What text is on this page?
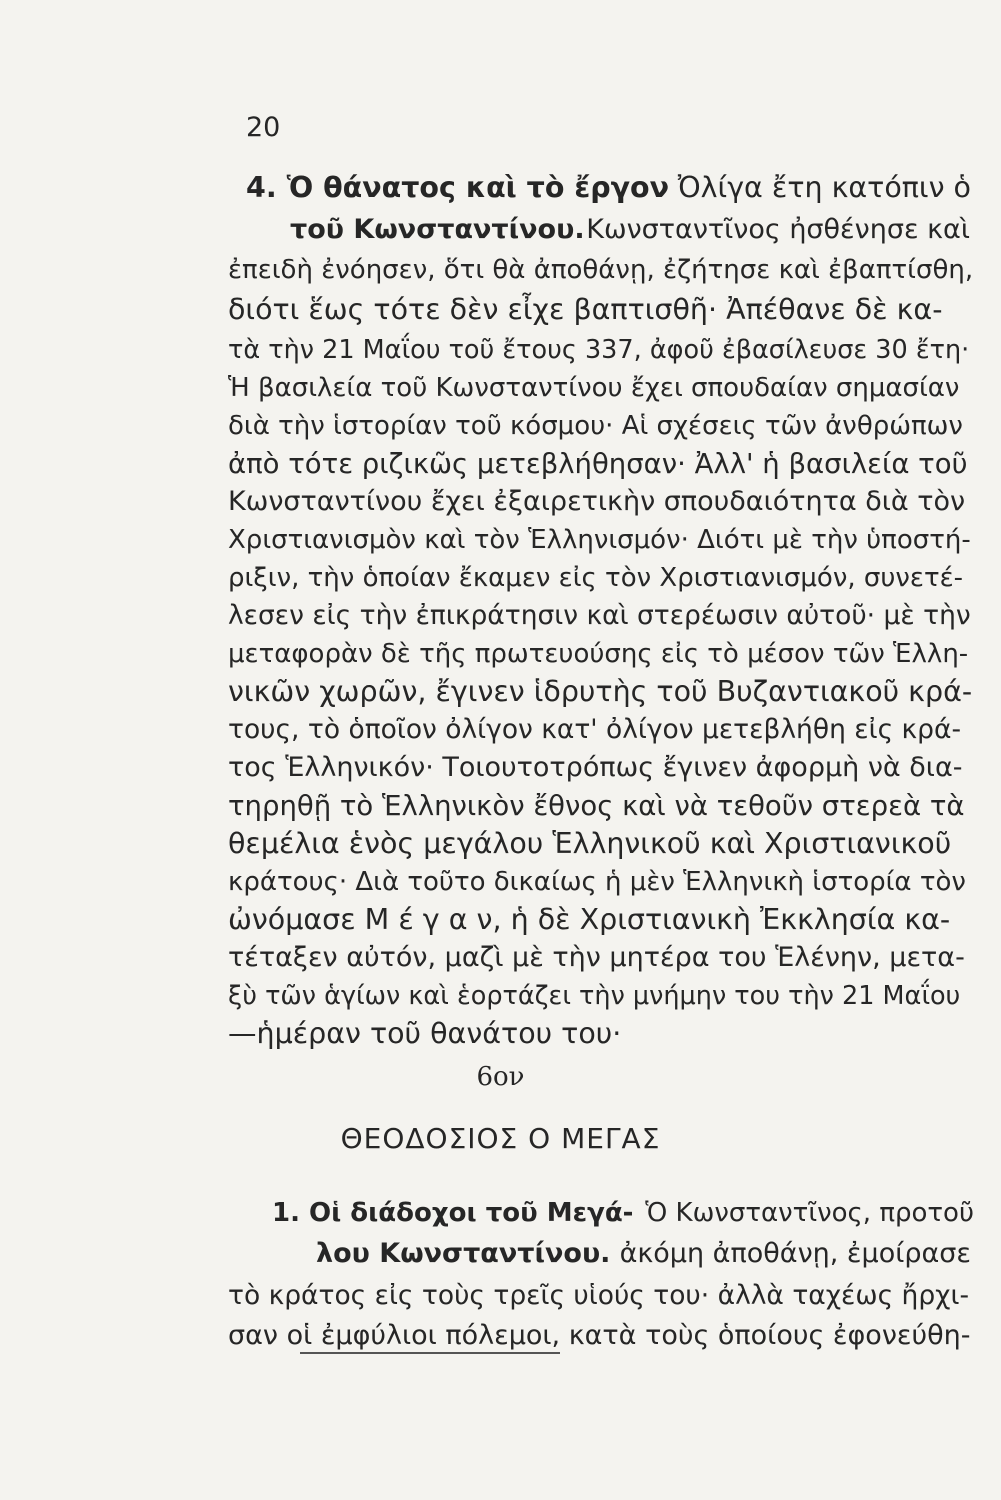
20
4. Ὁ θάνατος καὶ τὸ ἔργον Ὀλίγα ἔτη κατόπιν ὁ
τοῦ Κωνσταντίνου. Κωνσταντῖνος ἠσθένησε καὶ
ἐπειδὴ ἐνόησεν, ὅτι θὰ ἀποθάνῃ, ἐζήτησε καὶ ἐβαπτίσθη,
διότι ἕως τότε δὲν εἶχε βαπτισθῆ· Ἀπέθανε δὲ κα-
τὰ τὴν 21 Μαΐου τοῦ ἔτους 337, ἀφοῦ ἐβασίλευσε 30 ἔτη·
Ἡ βασιλεία τοῦ Κωνσταντίνου ἔχει σπουδαίαν σημασίαν
διὰ τὴν ἱστορίαν τοῦ κόσμου· Αἱ σχέσεις τῶν ἀνθρώπων
ἀπὸ τότε ριζικῶς μετεβλήθησαν· Ἀλλ' ἡ βασιλεία τοῦ
Κωνσταντίνου ἔχει ἐξαιρετικὴν σπουδαιότητα διὰ τὸν
Χριστιανισμὸν καὶ τὸν Ἑλληνισμόν· Διότι μὲ τὴν ὑποστή-
ριξιν, τὴν ὁποίαν ἔκαμεν εἰς τὸν Χριστιανισμόν, συνετέ-
λεσεν εἰς τὴν ἐπικράτησιν καὶ στερέωσιν αὐτοῦ· μὲ τὴν
μεταφορὰν δὲ τῆς πρωτευούσης εἰς τὸ μέσον τῶν Ἑλλη-
νικῶν χωρῶν, ἔγινεν ἱδρυτὴς τοῦ Βυζαντιακοῦ κρά-
τους, τὸ ὁποῖον ὀλίγον κατ' ὀλίγον μετεβλήθη εἰς κρά-
τος Ἑλληνικόν· Τοιουτοτρόπως ἔγινεν ἀφορμὴ νὰ δια-
τηρηθῇ τὸ Ἑλληνικὸν ἔθνος καὶ νὰ τεθοῦν στερεὰ τὰ
θεμέλια ἑνὸς μεγάλου Ἑλληνικοῦ καὶ Χριστιανικοῦ
κράτους· Διὰ τοῦτο δικαίως ἡ μὲν Ἑλληνικὴ ἱστορία τὸν
ὠνόμασε Μ έ γ α ν, ἡ δὲ Χριστιανικὴ Ἐκκλησία κα-
τέταξεν αὐτόν, μαζὶ μὲ τὴν μητέρα του Ἑλένην, μετα-
ξὺ τῶν ἁγίων καὶ ἑορτάζει τὴν μνήμην του τὴν 21 Μαΐου
—ἡμέραν τοῦ θανάτου του·
6ον
ΘΕΟΔΟΣΙΟΣ Ο ΜΕΓΑΣ
1. Οἱ διάδοχοι τοῦ Μεγά- Ὁ Κωνσταντῖνος, προτοῦ
λου Κωνσταντίνου. ἀκόμη ἀποθάνῃ, ἐμοίρασε
τὸ κράτος εἰς τοὺς τρεῖς υἱούς του· ἀλλὰ ταχέως ἤρχι-
σαν οἱ ἐμφύλιοι πόλεμοι, κατὰ τοὺς ὁποίους ἐφονεύθη-
